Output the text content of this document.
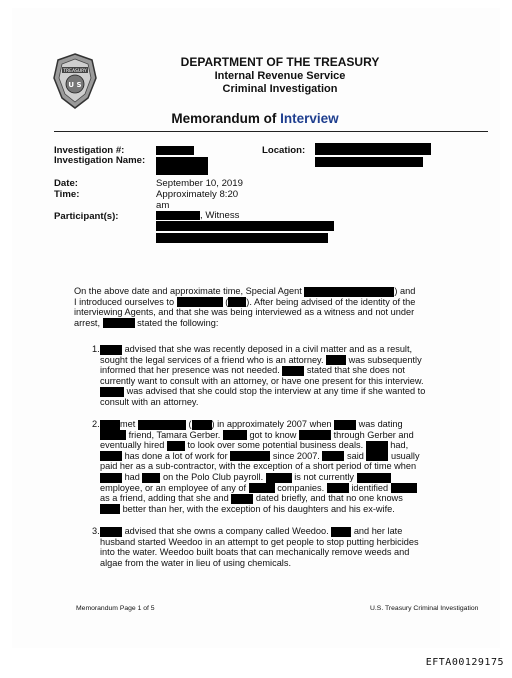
TREASURY
U S
DEPARTMENT OF THE TREASURY
Internal Revenue Service
Criminal Investigation
Memorandum of Interview
Investigation #:
Investigation Name:
Location:
Date:	September 10, 2019
Time:	Approximately 8:20
am
Participant(s):	, Witness
On the above date and approximate time, Special Agent	) and
I introduced ourselves to	( ). After being advised of the identity of the
interviewing Agents, and that she was being interviewed as a witness and not under
arrest,	stated the following:
1.	advised that she was recently deposed in a civil matter and as a result,
sought the legal services of a friend who is an attorney.	was subsequently
informed that her presence was not needed.	stated that she does not
currently want to consult with an attorney, or have one present for this interview.
was advised that she could stop the interview at any time if she wanted to
consult with an attorney.
2.	met	( ) in approximately 2007 when	was dating
friend, Tamara Gerber.	got to know	through Gerber and
eventually hired	to look over some potential business deals.	had,
has done a lot of work for	since 2007.	said	usually
paid her as a sub-contractor, with the exception of a short period of time when
had	on the Polo Club payroll.	is not currently
employee, or an employee of any of	companies.	identified
as a friend, adding that she and	dated briefly, and that no one knows
better than her, with the exception of his daughters and his ex-wife.
3.	advised that she owns a company called Weedoo.	and her late
husband started Weedoo in an attempt to get people to stop putting herbicides
into the water. Weedoo built boats that can mechanically remove weeds and
algae from the water in lieu of using chemicals.
Memorandum Page 1 of 5	U.S. Treasury Criminal Investigation
EFTA00129175
